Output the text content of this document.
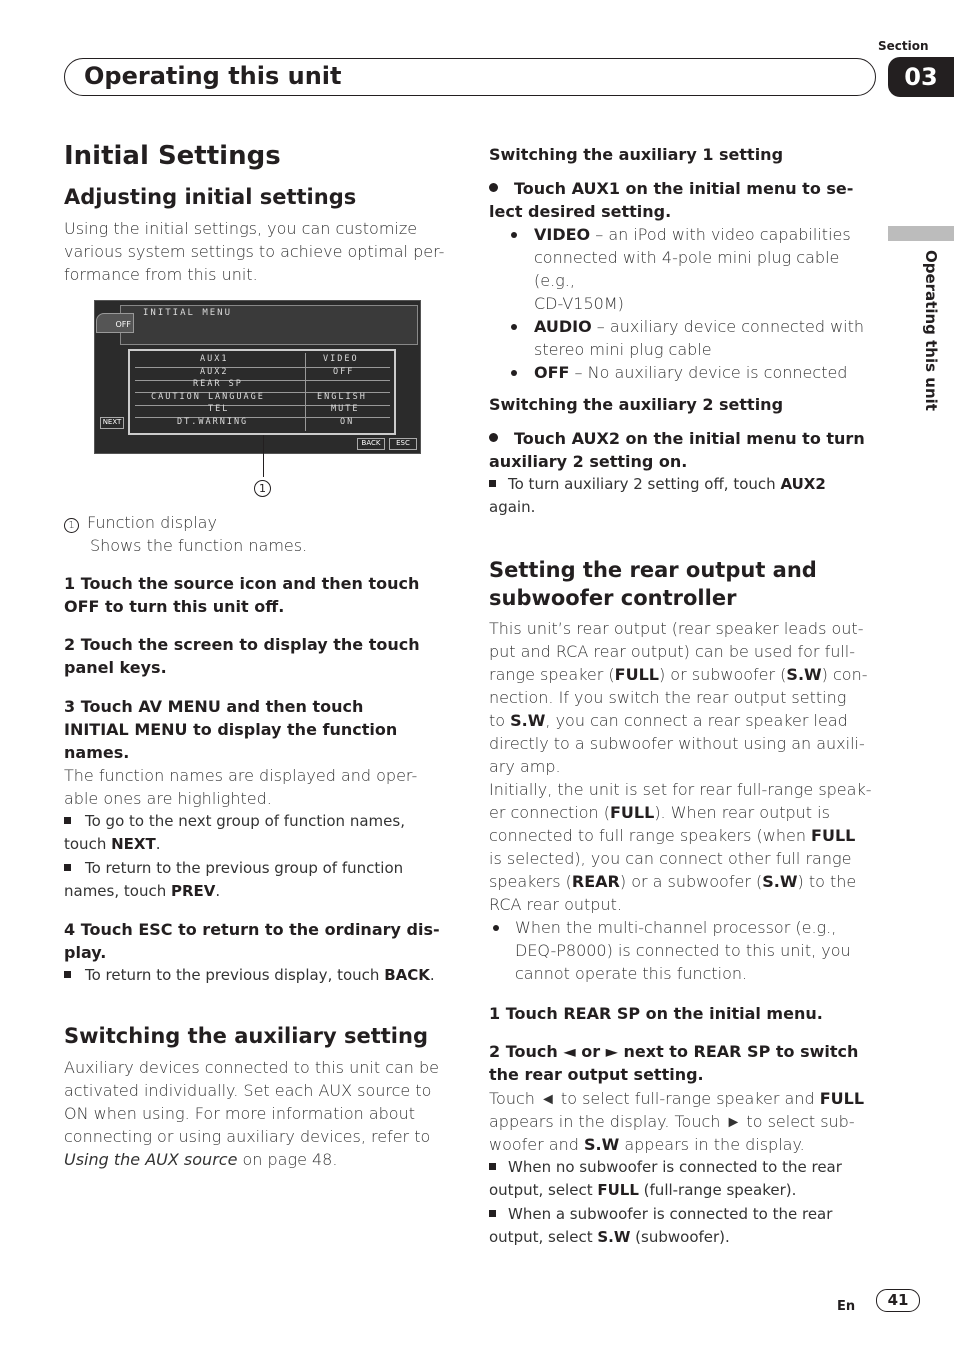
Section
Operating this unit	03
Operating this unit
Initial Settings
Adjusting initial settings
Using the initial settings, you can customize
various system settings to achieve optimal per-
formance from this unit.
INITIAL MENU
OFF
AUX1	VIDEO
AUX2	OFF
REAR SP
CAUTION LANGUAGE	ENGLISH
TEL	MUTE
DT.WARNING	ON
NEXT
BACK	ESC
1
1 Function display
Shows the function names.
1 Touch the source icon and then touch
OFF to turn this unit off.
2 Touch the screen to display the touch
panel keys.
3 Touch AV MENU and then touch
INITIAL MENU to display the function
names.
The function names are displayed and oper-
able ones are highlighted.
To go to the next group of function names,
touch NEXT.
To return to the previous group of function
names, touch PREV.
4 Touch ESC to return to the ordinary dis-
play.
To return to the previous display, touch BACK.
Switching the auxiliary setting
Auxiliary devices connected to this unit can be
activated individually. Set each AUX source to
ON when using. For more information about
connecting or using auxiliary devices, refer to
Using the AUX source on page 48.
Switching the auxiliary 1 setting
Touch AUX1 on the initial menu to se-
lect desired setting.
VIDEO – an iPod with video capabilities
connected with 4-pole mini plug cable (e.g.,
CD-V150M)
AUDIO – auxiliary device connected with
stereo mini plug cable
OFF – No auxiliary device is connected
Switching the auxiliary 2 setting
Touch AUX2 on the initial menu to turn
auxiliary 2 setting on.
To turn auxiliary 2 setting off, touch AUX2
again.
Setting the rear output and
subwoofer controller
This unit’s rear output (rear speaker leads out-
put and RCA rear output) can be used for full-
range speaker (FULL) or subwoofer (S.W) con-
nection. If you switch the rear output setting
to S.W, you can connect a rear speaker lead
directly to a subwoofer without using an auxili-
ary amp.
Initially, the unit is set for rear full-range speak-
er connection (FULL). When rear output is
connected to full range speakers (when FULL
is selected), you can connect other full range
speakers (REAR) or a subwoofer (S.W) to the
RCA rear output.
When the multi-channel processor (e.g.,
DEQ-P8000) is connected to this unit, you
cannot operate this function.
1 Touch REAR SP on the initial menu.
2 Touch ◄ or ► next to REAR SP to switch
the rear output setting.
Touch ◄ to select full-range speaker and FULL
appears in the display. Touch ► to select sub-
woofer and S.W appears in the display.
When no subwoofer is connected to the rear
output, select FULL (full-range speaker).
When a subwoofer is connected to the rear
output, select S.W (subwoofer).
En	41
